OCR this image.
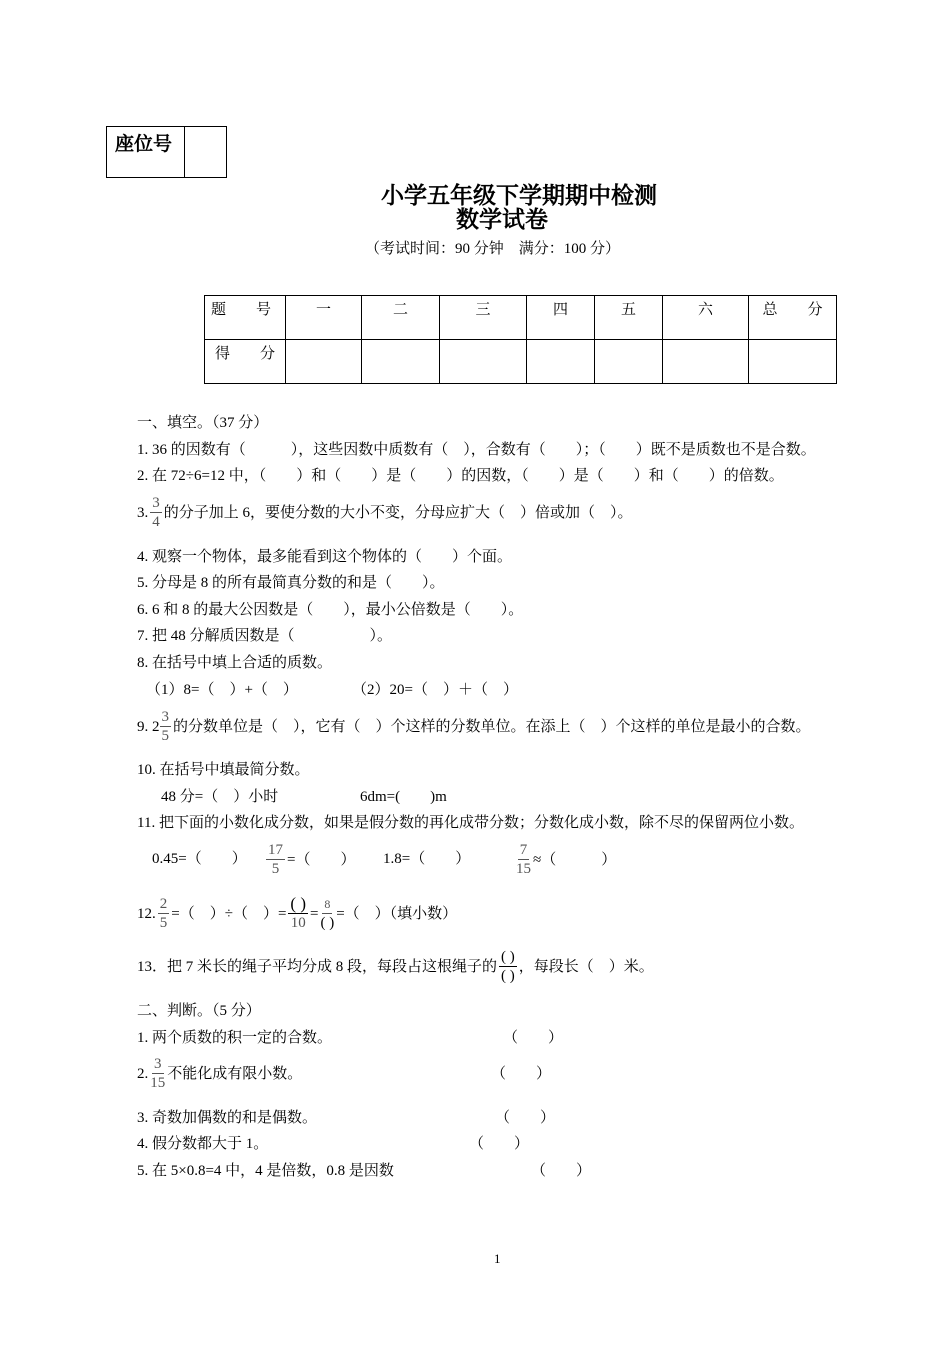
座位号
小学五年级下学期期中检测
数学试卷
（考试时间：90 分钟　满分：100 分）
题　　号	一	二	三	四	五	六	总　　分
得　　分							
一、填空。（37 分）
1. 36 的因数有（　　　），这些因数中质数有（　），合数有（　　）；（　　）既不是质数也不是合数。
2. 在 72÷6=12 中，（　　）和（　　）是（　　）的因数，（　　）是（　　）和（　　）的倍数。
3. $\frac{3}{4}$ 的分子加上 6，要使分数的大小不变，分母应扩大（　）倍或加（　）。
4. 观察一个物体，最多能看到这个物体的（　　）个面。
5. 分母是 8 的所有最简真分数的和是（　　）。
6. 6 和 8 的最大公因数是（　　），最小公倍数是（　　）。
7. 把 48 分解质因数是（　　　　　）。
8. 在括号中填上合适的质数。
（1）8=（　）+（　）	（2）20=（　）＋（　）
9. $2 \frac{3}{5}$ 的分数单位是（　），它有（　）个这样的分数单位。在添上（　）个这样的单位是最小的合数。
10. 在括号中填最简分数。
48 分=（　）小时	6dm=(　　)m
11. 把下面的小数化成分数，如果是假分数的再化成带分数；分数化成小数，除不尽的保留两位小数。
0.45=（　　） $\frac{17}{5}$ =（　　） 1.8=（　　）	$\frac{7}{15}$ ≈（　　　）
12. $\frac{2}{5}$ =（　）÷（　）= $\frac{( )}{10} = \frac{8}{( )}$ =（　）（填小数）
13．把 7 米长的绳子平均分成 8 段，每段占这根绳子的 $\frac{( )}{( )}$ ，每段长（　）米。
二、判断。（5 分）
1. 两个质数的积一定的合数。	（　　）
2. $\frac{3}{15}$ 不能化成有限小数。	（　　）
3. 奇数加偶数的和是偶数。	（　　）
4. 假分数都大于 1。	（　　）
5. 在 5×0.8=4 中，4 是倍数，0.8 是因数	（　　）
1
